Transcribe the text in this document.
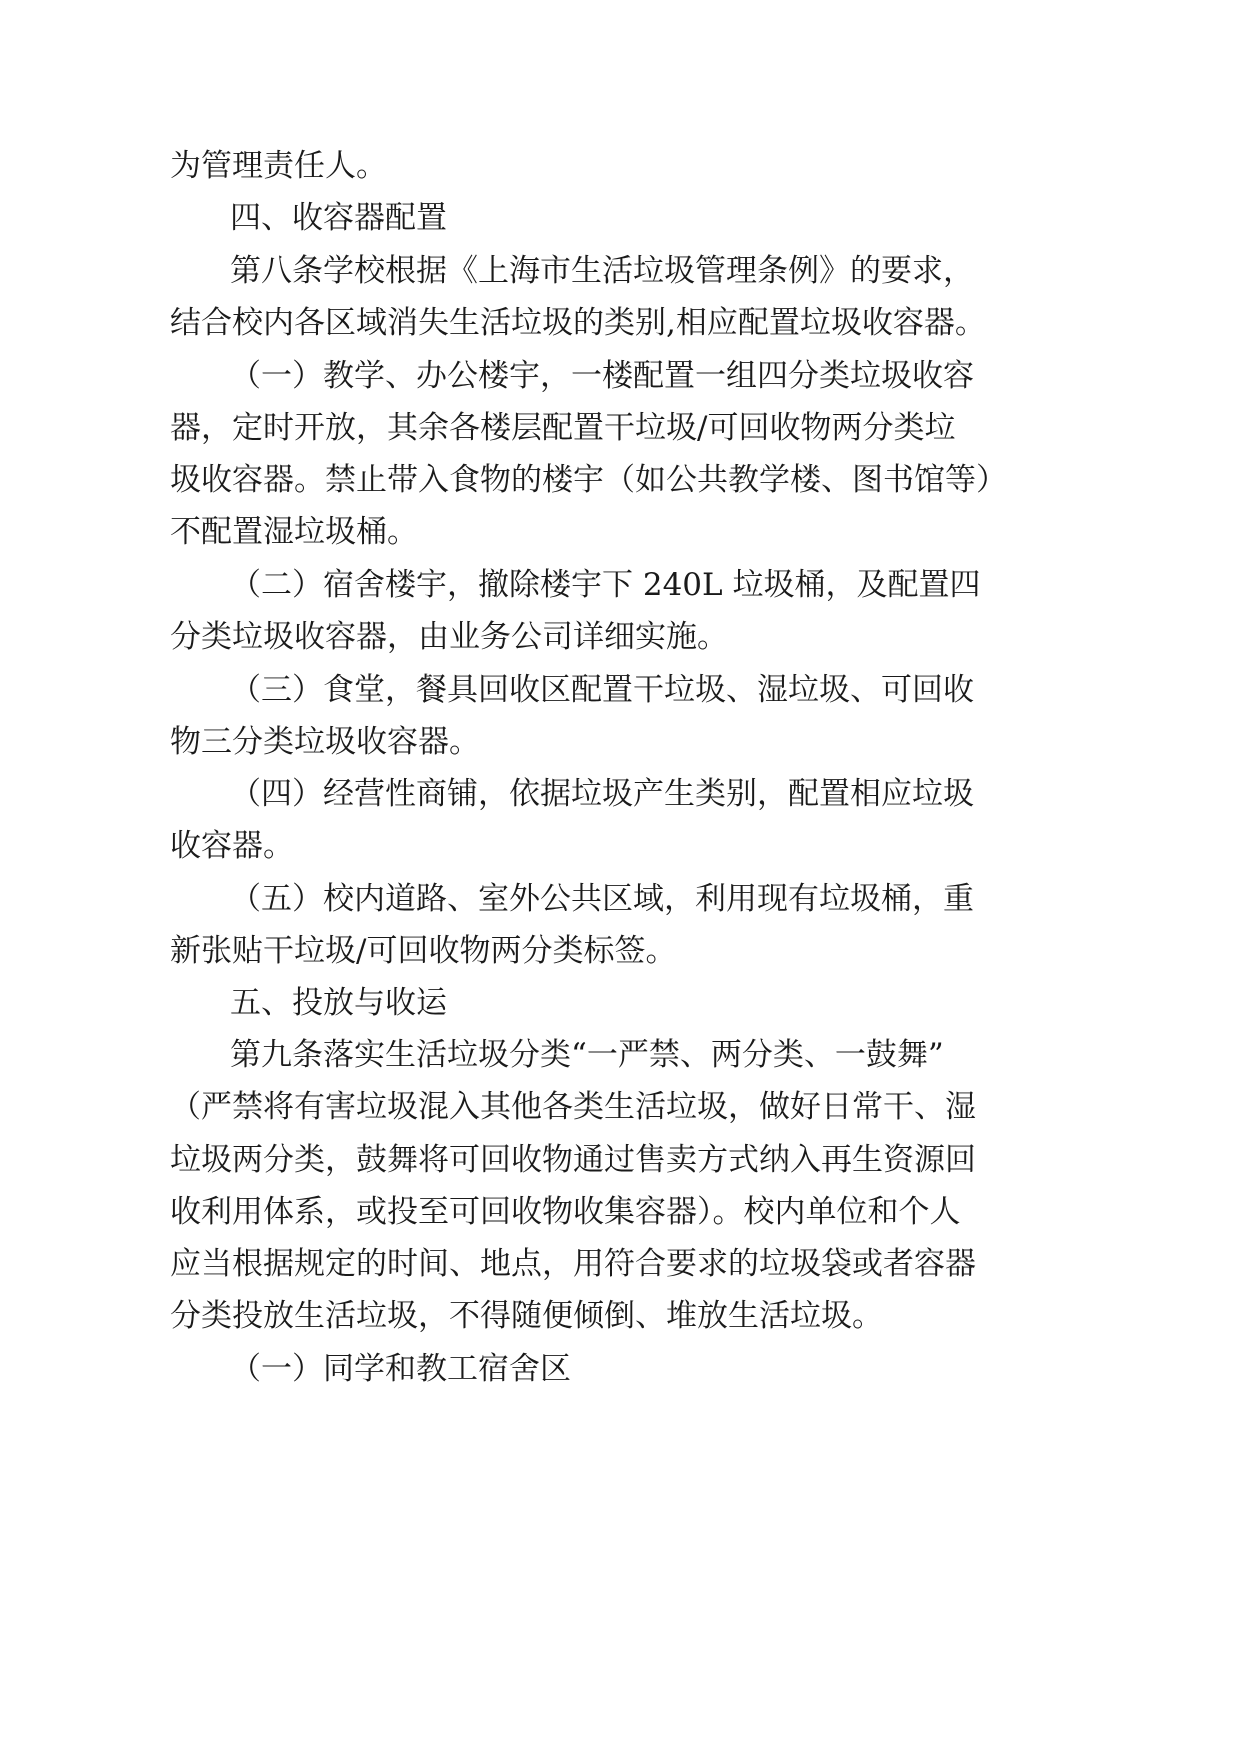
为管理责任人。
四、收容器配置
第八条学校根据《上海市生活垃圾管理条例》的要求，
结合校内各区域消失生活垃圾的类别,相应配置垃圾收容器。
（一）教学、办公楼宇，一楼配置一组四分类垃圾收容
器，定时开放，其余各楼层配置干垃圾/可回收物两分类垃
圾收容器。禁止带入食物的楼宇（如公共教学楼、图书馆等）
不配置湿垃圾桶。
（二）宿舍楼宇，撤除楼宇下 240L 垃圾桶，及配置四
分类垃圾收容器，由业务公司详细实施。
（三）食堂，餐具回收区配置干垃圾、湿垃圾、可回收
物三分类垃圾收容器。
（四）经营性商铺，依据垃圾产生类别，配置相应垃圾
收容器。
（五）校内道路、室外公共区域，利用现有垃圾桶，重
新张贴干垃圾/可回收物两分类标签。
五、投放与收运
第九条落实生活垃圾分类“一严禁、两分类、一鼓舞”
（严禁将有害垃圾混入其他各类生活垃圾，做好日常干、湿
垃圾两分类，鼓舞将可回收物通过售卖方式纳入再生资源回
收利用体系，或投至可回收物收集容器）。校内单位和个人
应当根据规定的时间、地点，用符合要求的垃圾袋或者容器
分类投放生活垃圾，不得随便倾倒、堆放生活垃圾。
（一）同学和教工宿舍区
